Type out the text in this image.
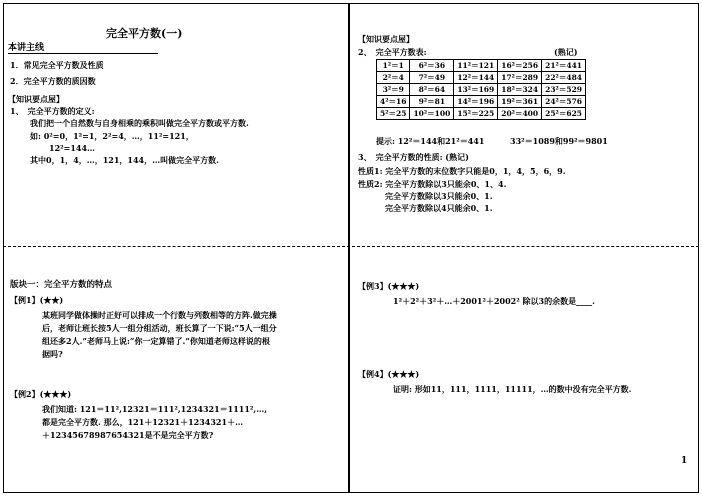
完全平方数(一)
本讲主线
1．常见完全平方数及性质
2．完全平方数的质因数
【知识要点屋】
1、　完全平方数的定义:
我们把一个自然数与自身相乘的乘积叫做完全平方数或平方数.
如: 0²=0，1²=1，2²=4，…，11²=121，
12²=144…
其中0，1，4，…，121，144，…叫做完全平方数.
【知识要点屋】
2、　完全平方数表:	(熟记)
1²＝1	6²＝36	11²＝121	16²＝256	21²＝441
2²＝4	7²＝49	12²＝144	17²＝289	22²＝484
3²＝9	8²＝64	13²＝169	18²＝324	23²＝529
4²＝16	9²＝81	14²＝196	19²＝361	24²＝576
5²＝25	10²＝100	15²＝225	20²＝400	25²＝625
提示: 12²＝144和21²＝441	33²＝1089和99²＝9801
3、　完全平方数的性质: (熟记)
性质1: 完全平方数的末位数字只能是0，1，4，5，6，9.
性质2: 完全平方数除以3只能余0、1、4.
完全平方数除以3只能余0、1.
完全平方数除以4只能余0、1.
版块一：完全平方数的特点
【例1】(★★)
某班同学做体操时正好可以排成一个行数与列数相等的方阵.做完操
后，老师让班长按5人一组分组活动，班长算了一下说:“5人一组分
组还多2人.”老师马上说:“你一定算错了.”你知道老师这样说的根
据吗?
【例2】(★★★)
我们知道: 121＝11²,12321＝111²,1234321＝1111²,…,
都是完全平方数. 那么，121＋12321＋1234321＋…
＋12345678987654321是不是完全平方数?
【例3】(★★★)
1²＋2²＋3²＋…＋2001²＋2002² 除以3的余数是____.
【例4】(★★★)
证明: 形如11，111，1111，11111，…的数中没有完全平方数.
1
